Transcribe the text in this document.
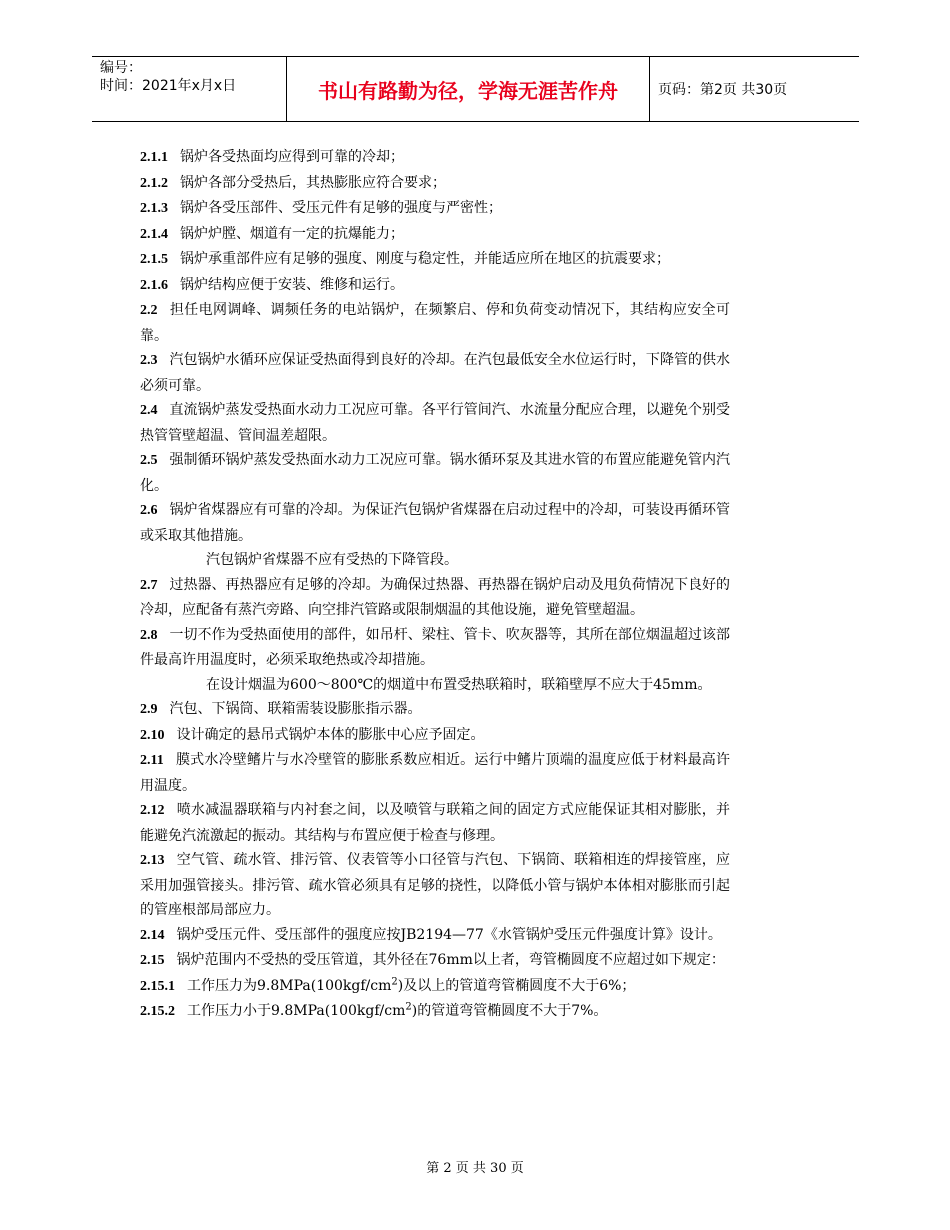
编号：
时间：2021年x月x日	书山有路勤为径，学海无涯苦作舟	页码：第2页 共30页
2.1.1 锅炉各受热面均应得到可靠的冷却；
2.1.2 锅炉各部分受热后，其热膨胀应符合要求；
2.1.3 锅炉各受压部件、受压元件有足够的强度与严密性；
2.1.4 锅炉炉膛、烟道有一定的抗爆能力；
2.1.5 锅炉承重部件应有足够的强度、刚度与稳定性，并能适应所在地区的抗震要求；
2.1.6 锅炉结构应便于安装、维修和运行。
2.2 担任电网调峰、调频任务的电站锅炉，在频繁启、停和负荷变动情况下，其结构应安全可靠。
2.3 汽包锅炉水循环应保证受热面得到良好的冷却。在汽包最低安全水位运行时，下降管的供水必须可靠。
2.4 直流锅炉蒸发受热面水动力工况应可靠。各平行管间汽、水流量分配应合理，以避免个别受热管管壁超温、管间温差超限。
2.5 强制循环锅炉蒸发受热面水动力工况应可靠。锅水循环泵及其进水管的布置应能避免管内汽化。
2.6 锅炉省煤器应有可靠的冷却。为保证汽包锅炉省煤器在启动过程中的冷却，可装设再循环管或采取其他措施。
汽包锅炉省煤器不应有受热的下降管段。
2.7 过热器、再热器应有足够的冷却。为确保过热器、再热器在锅炉启动及甩负荷情况下良好的冷却，应配备有蒸汽旁路、向空排汽管路或限制烟温的其他设施，避免管壁超温。
2.8 一切不作为受热面使用的部件，如吊杆、梁柱、管卡、吹灰器等，其所在部位烟温超过该部件最高许用温度时，必须采取绝热或冷却措施。
在设计烟温为600～800℃的烟道中布置受热联箱时，联箱壁厚不应大于45mm。
2.9 汽包、下锅筒、联箱需装设膨胀指示器。
2.10 设计确定的悬吊式锅炉本体的膨胀中心应予固定。
2.11 膜式水冷壁鳍片与水冷壁管的膨胀系数应相近。运行中鳍片顶端的温度应低于材料最高许用温度。
2.12 喷水减温器联箱与内衬套之间，以及喷管与联箱之间的固定方式应能保证其相对膨胀，并能避免汽流激起的振动。其结构与布置应便于检查与修理。
2.13 空气管、疏水管、排污管、仪表管等小口径管与汽包、下锅筒、联箱相连的焊接管座，应采用加强管接头。排污管、疏水管必须具有足够的挠性，以降低小管与锅炉本体相对膨胀而引起的管座根部局部应力。
2.14 锅炉受压元件、受压部件的强度应按JB2194—77《水管锅炉受压元件强度计算》设计。
2.15 锅炉范围内不受热的受压管道，其外径在76mm以上者，弯管椭圆度不应超过如下规定：
2.15.1 工作压力为$9.8MPa(100kgf/cm^2)$及以上的管道弯管椭圆度不大于6%；
2.15.2 工作压力小于$9.8MPa(100kgf/cm^2)$的管道弯管椭圆度不大于7%。
第 2 页 共 30 页
